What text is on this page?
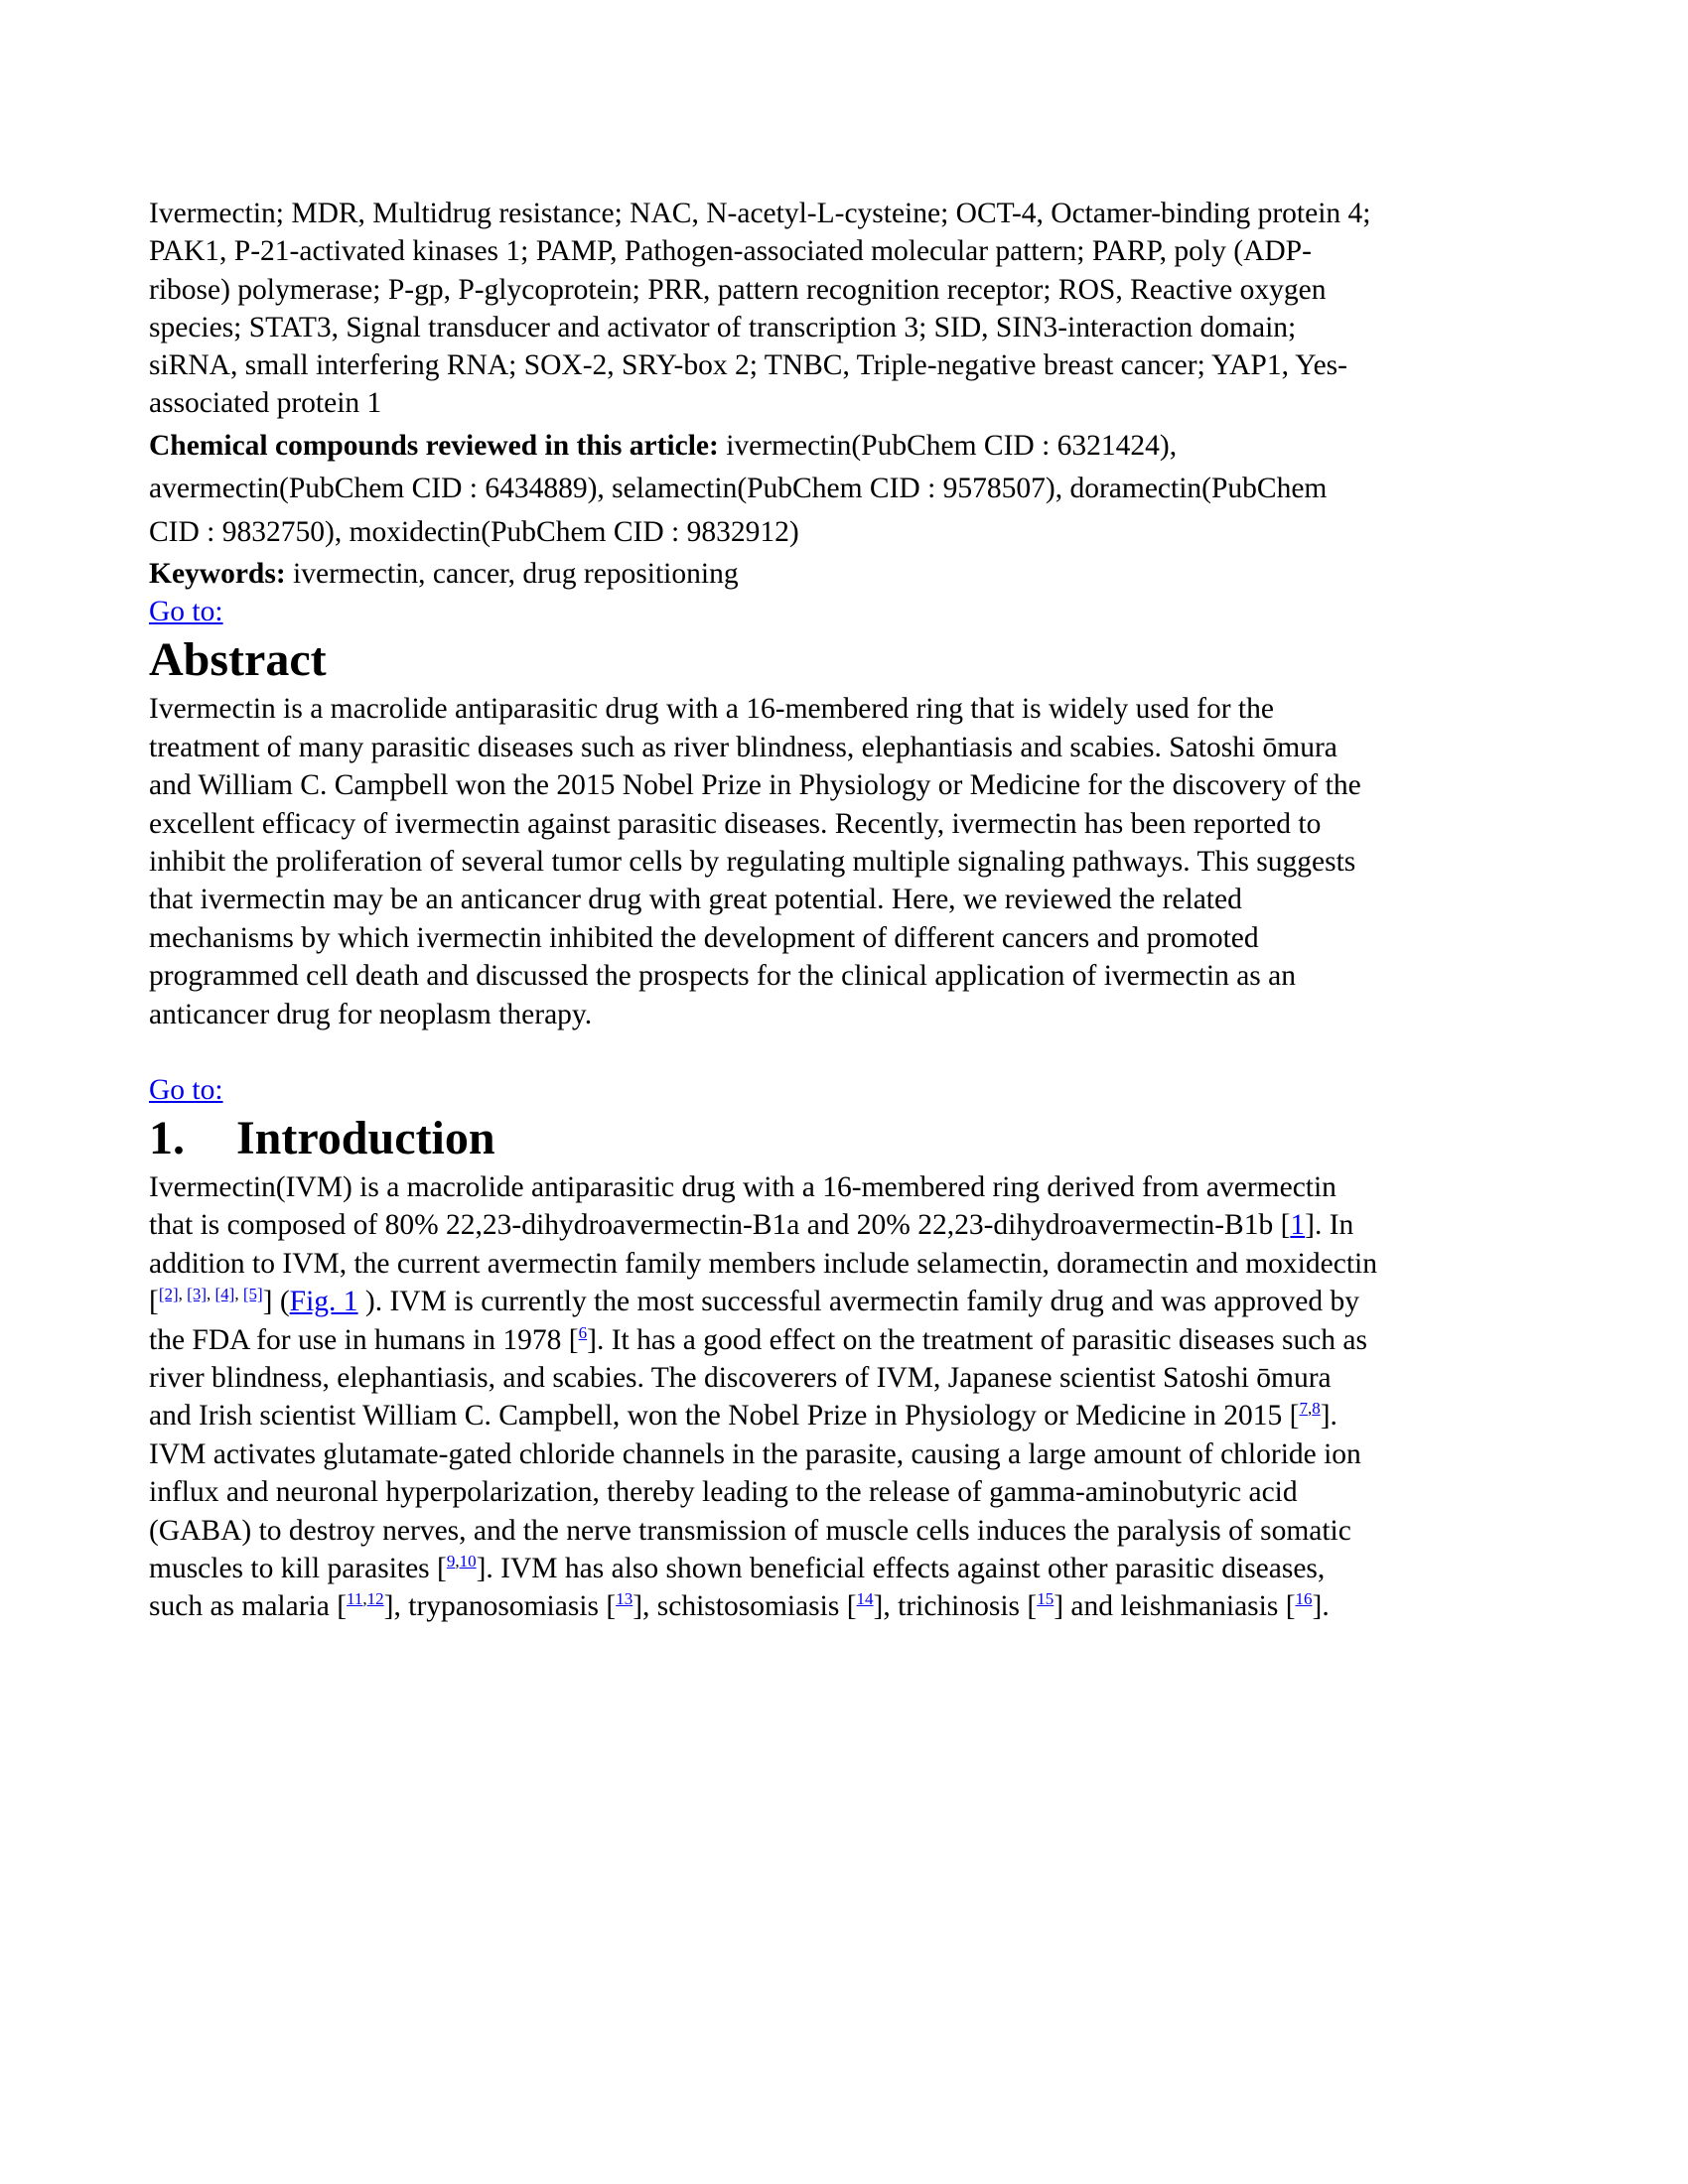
Ivermectin; MDR, Multidrug resistance; NAC, N-acetyl-L-cysteine; OCT-4, Octamer-binding protein 4;
PAK1, P-21-activated kinases 1; PAMP, Pathogen-associated molecular pattern; PARP, poly (ADP-
ribose) polymerase; P-gp, P-glycoprotein; PRR, pattern recognition receptor; ROS, Reactive oxygen
species; STAT3, Signal transducer and activator of transcription 3; SID, SIN3-interaction domain;
siRNA, small interfering RNA; SOX-2, SRY-box 2; TNBC, Triple-negative breast cancer; YAP1, Yes-
associated protein 1

Chemical compounds reviewed in this article: ivermectin(PubChem CID : 6321424),
avermectin(PubChem CID : 6434889), selamectin(PubChem CID : 9578507), doramectin(PubChem
CID : 9832750), moxidectin(PubChem CID : 9832912)

Keywords: ivermectin, cancer, drug repositioning

Go to:

Abstract

Ivermectin is a macrolide antiparasitic drug with a 16-membered ring that is widely used for the
treatment of many parasitic diseases such as river blindness, elephantiasis and scabies. Satoshi ōmura
and William C. Campbell won the 2015 Nobel Prize in Physiology or Medicine for the discovery of the
excellent efficacy of ivermectin against parasitic diseases. Recently, ivermectin has been reported to
inhibit the proliferation of several tumor cells by regulating multiple signaling pathways. This suggests
that ivermectin may be an anticancer drug with great potential. Here, we reviewed the related
mechanisms by which ivermectin inhibited the development of different cancers and promoted
programmed cell death and discussed the prospects for the clinical application of ivermectin as an
anticancer drug for neoplasm therapy.

Go to:

1. Introduction

Ivermectin(IVM) is a macrolide antiparasitic drug with a 16-membered ring derived from avermectin
that is composed of 80% 22,23-dihydroavermectin-B1a and 20% 22,23-dihydroavermectin-B1b [1]. In
addition to IVM, the current avermectin family members include selamectin, doramectin and moxidectin
[[2], [3], [4], [5]] (Fig. 1 ). IVM is currently the most successful avermectin family drug and was approved by
the FDA for use in humans in 1978 [$^6$]. It has a good effect on the treatment of parasitic diseases such as
river blindness, elephantiasis, and scabies. The discoverers of IVM, Japanese scientist Satoshi ōmura
and Irish scientist William C. Campbell, won the Nobel Prize in Physiology or Medicine in 2015 [$^{7,8}$].
IVM activates glutamate-gated chloride channels in the parasite, causing a large amount of chloride ion
influx and neuronal hyperpolarization, thereby leading to the release of gamma-aminobutyric acid
(GABA) to destroy nerves, and the nerve transmission of muscle cells induces the paralysis of somatic
muscles to kill parasites [$^{9,10}$]. IVM has also shown beneficial effects against other parasitic diseases,
such as malaria [$^{11,12}$], trypanosomiasis [$^{13}$], schistosomiasis [$^{14}$], trichinosis [$^{15}$] and leishmaniasis [$^{16}$].
